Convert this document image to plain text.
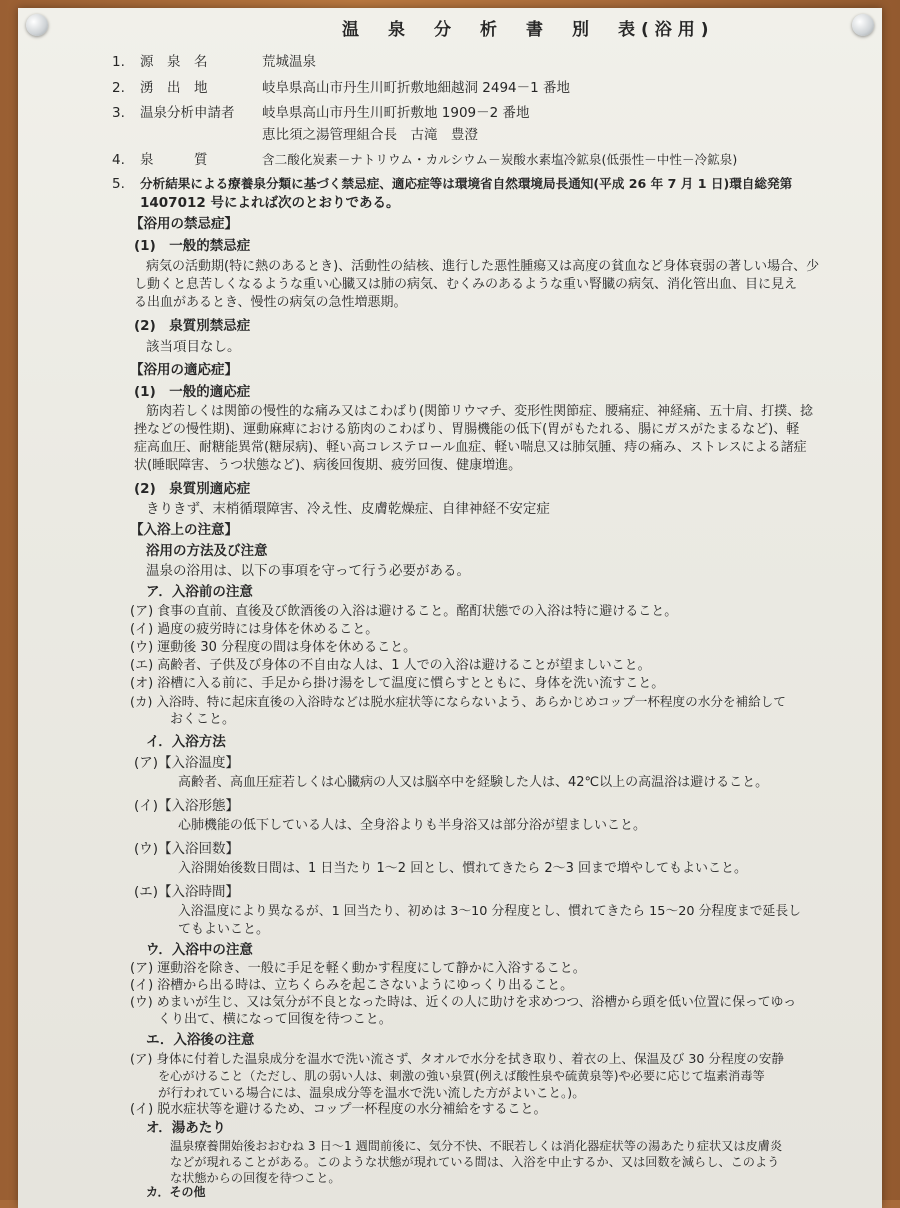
温　泉　分　析　書　別　表(浴用)
1. 源　泉　名	荒城温泉
2. 湧　出　地	岐阜県高山市丹生川町折敷地細越洞 2494－1 番地
3. 温泉分析申請者 岐阜県高山市丹生川町折敷地 1909－2 番地
恵比須之湯管理組合長　古滝　豊澄
4. 泉　　　質	含二酸化炭素－ナトリウム・カルシウム－炭酸水素塩冷鉱泉(低張性－中性－冷鉱泉)
5. 分析結果による療養泉分類に基づく禁忌症、適応症等は環境省自然環境局長通知(平成 26 年 7 月 1 日)環自総発第
1407012 号によれば次のとおりである。
【浴用の禁忌症】
(1)　一般的禁忌症
病気の活動期(特に熱のあるとき)、活動性の結核、進行した悪性腫瘍又は高度の貧血など身体衰弱の著しい場合、少
し動くと息苦しくなるような重い心臓又は肺の病気、むくみのあるような重い腎臓の病気、消化管出血、目に見え
る出血があるとき、慢性の病気の急性増悪期。
(2)　泉質別禁忌症
該当項目なし。
【浴用の適応症】
(1)　一般的適応症
筋肉若しくは関節の慢性的な痛み又はこわばり(関節リウマチ、変形性関節症、腰痛症、神経痛、五十肩、打撲、捻
挫などの慢性期)、運動麻痺における筋肉のこわばり、胃腸機能の低下(胃がもたれる、腸にガスがたまるなど)、軽
症高血圧、耐糖能異常(糖尿病)、軽い高コレステロール血症、軽い喘息又は肺気腫、痔の痛み、ストレスによる諸症
状(睡眠障害、うつ状態など)、病後回復期、疲労回復、健康増進。
(2)　泉質別適応症
きりきず、末梢循環障害、冷え性、皮膚乾燥症、自律神経不安定症
【入浴上の注意】
浴用の方法及び注意
温泉の浴用は、以下の事項を守って行う必要がある。
ア．入浴前の注意
(ア) 食事の直前、直後及び飲酒後の入浴は避けること。酩酊状態での入浴は特に避けること。
(イ) 過度の疲労時には身体を休めること。
(ウ) 運動後 30 分程度の間は身体を休めること。
(エ) 高齢者、子供及び身体の不自由な人は、1 人での入浴は避けることが望ましいこと。
(オ) 浴槽に入る前に、手足から掛け湯をして温度に慣らすとともに、身体を洗い流すこと。
(カ) 入浴時、特に起床直後の入浴時などは脱水症状等にならないよう、あらかじめコップ一杯程度の水分を補給して
おくこと。
イ．入浴方法
(ア)【入浴温度】
高齢者、高血圧症若しくは心臓病の人又は脳卒中を経験した人は、42℃以上の高温浴は避けること。
(イ)【入浴形態】
心肺機能の低下している人は、全身浴よりも半身浴又は部分浴が望ましいこと。
(ウ)【入浴回数】
入浴開始後数日間は、1 日当たり 1～2 回とし、慣れてきたら 2～3 回まで増やしてもよいこと。
(エ)【入浴時間】
入浴温度により異なるが、1 回当たり、初めは 3～10 分程度とし、慣れてきたら 15～20 分程度まで延長し
てもよいこと。
ウ．入浴中の注意
(ア) 運動浴を除き、一般に手足を軽く動かす程度にして静かに入浴すること。
(イ) 浴槽から出る時は、立ちくらみを起こさないようにゆっくり出ること。
(ウ) めまいが生じ、又は気分が不良となった時は、近くの人に助けを求めつつ、浴槽から頭を低い位置に保ってゆっ
くり出て、横になって回復を待つこと。
エ．入浴後の注意
(ア) 身体に付着した温泉成分を温水で洗い流さず、タオルで水分を拭き取り、着衣の上、保温及び 30 分程度の安静
を心がけること（ただし、肌の弱い人は、刺激の強い泉質(例えば酸性泉や硫黄泉等)や必要に応じて塩素消毒等
が行われている場合には、温泉成分等を温水で洗い流した方がよいこと。)。
(イ) 脱水症状等を避けるため、コップ一杯程度の水分補給をすること。
オ．湯あたり
温泉療養開始後おおむね 3 日～1 週間前後に、気分不快、不眠若しくは消化器症状等の湯あたり症状又は皮膚炎
などが現れることがある。このような状態が現れている間は、入浴を中止するか、又は回数を減らし、このよう
な状態からの回復を待つこと。
カ．その他
